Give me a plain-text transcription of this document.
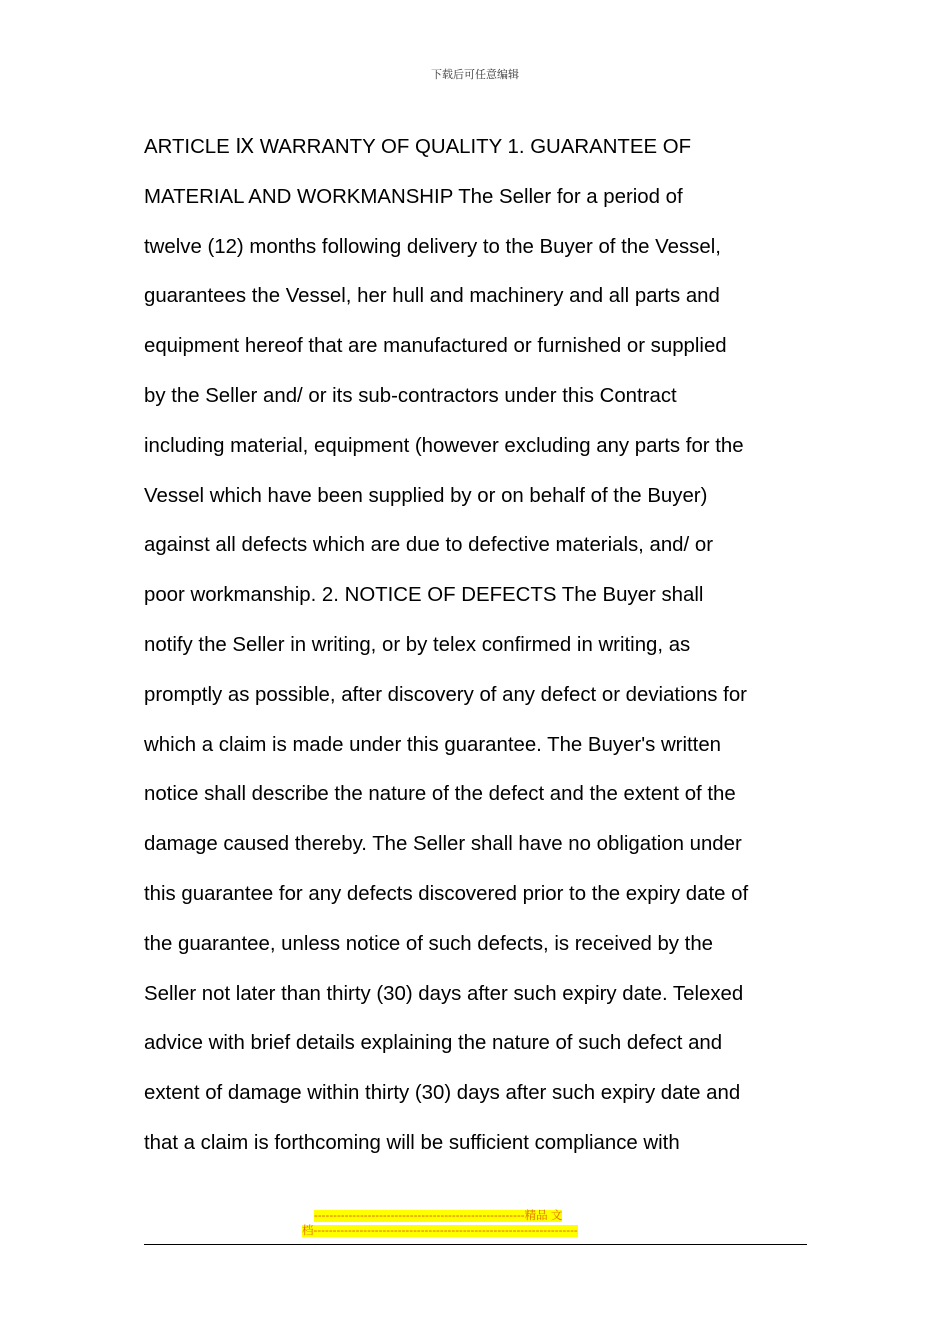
下载后可任意编辑
ARTICLE Ⅸ WARRANTY OF QUALITY 1. GUARANTEE OF
MATERIAL AND WORKMANSHIP The Seller for a period of
twelve (12) months following delivery to the Buyer of the Vessel,
guarantees the Vessel, her hull and machinery and all parts and
equipment hereof that are manufactured or furnished or supplied
by the Seller and/ or its sub-contractors under this Contract
including material, equipment (however excluding any parts for the
Vessel which have been supplied by or on behalf of the Buyer)
against all defects which are due to defective materials, and/ or
poor workmanship. 2. NOTICE OF DEFECTS The Buyer shall
notify the Seller in writing, or by telex confirmed in writing, as
promptly as possible, after discovery of any defect or deviations for
which a claim is made under this guarantee. The Buyer's written
notice shall describe the nature of the defect and the extent of the
damage caused thereby. The Seller shall have no obligation under
this guarantee for any defects discovered prior to the expiry date of
the guarantee, unless notice of such defects, is received by the
Seller not later than thirty (30) days after such expiry date. Telexed
advice with brief details explaining the nature of such defect and
extent of damage within thirty (30) days after such expiry date and
that a claim is forthcoming will be sufficient compliance with
-------------------------------------------------------精品 文
档---------------------------------------------------------------------
